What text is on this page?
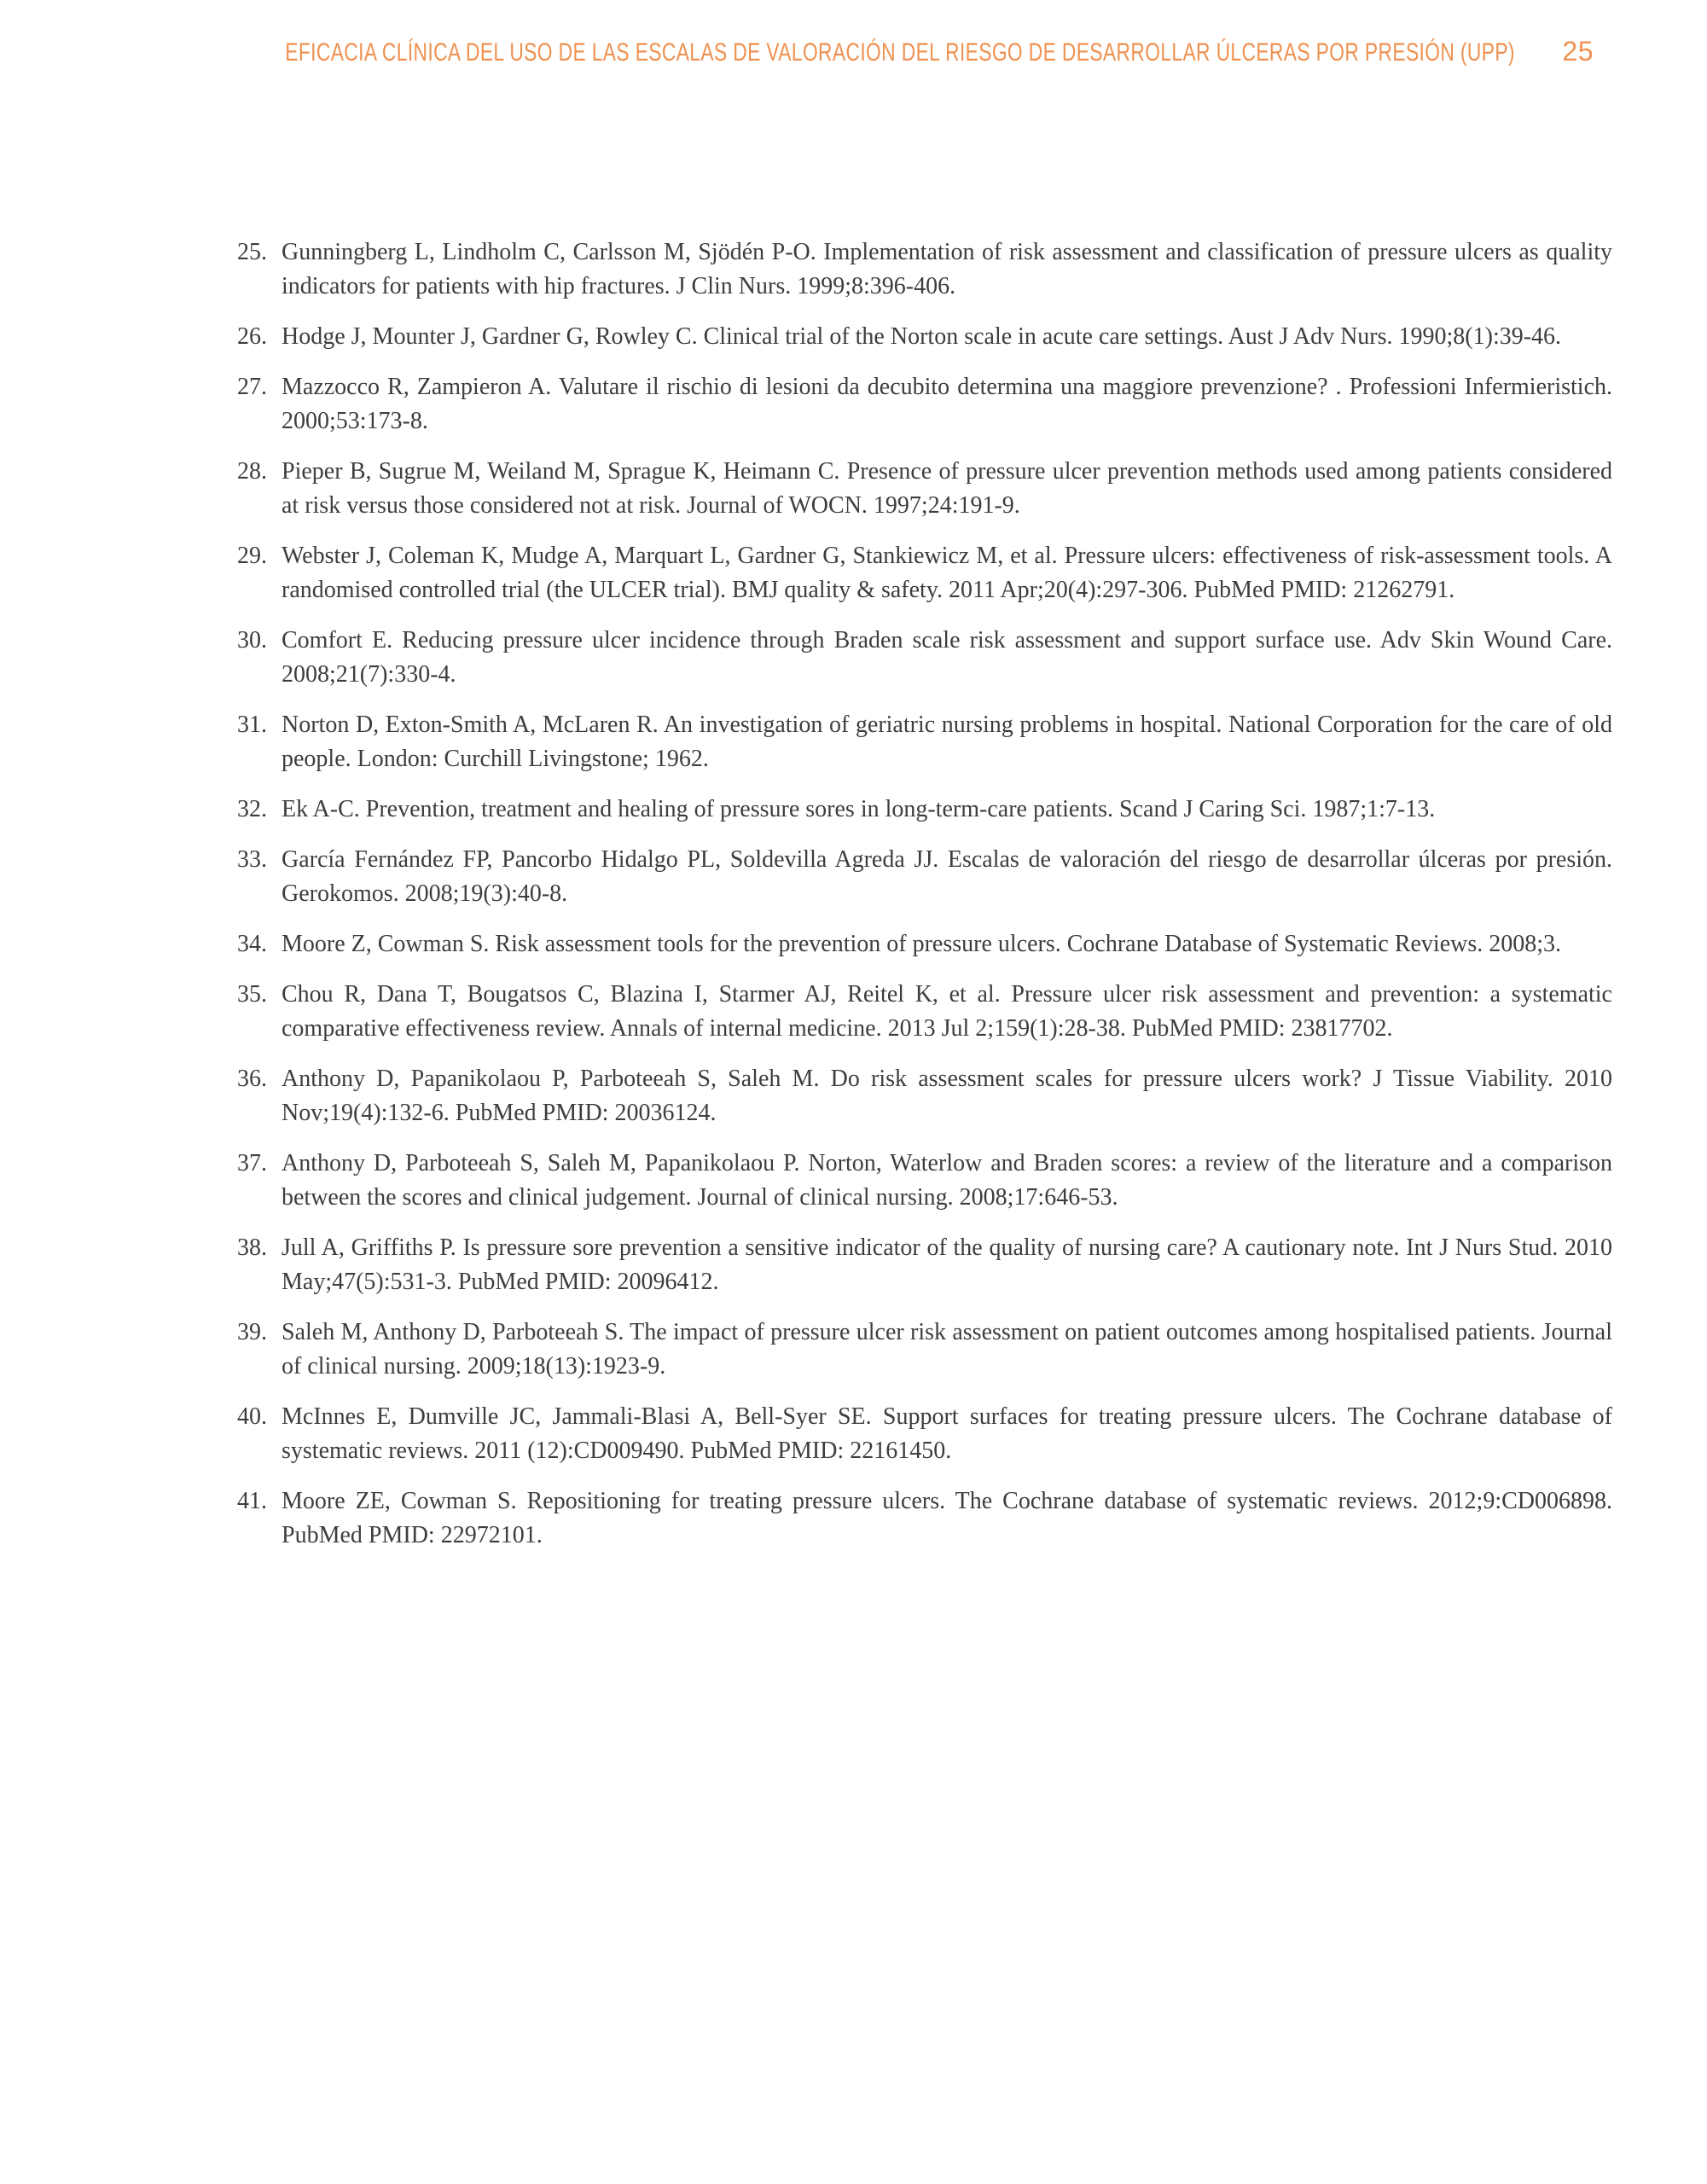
EFICACIA CLÍNICA DEL USO DE LAS ESCALAS DE VALORACIÓN DEL RIESGO DE DESARROLLAR ÚLCERAS POR PRESIÓN (UPP) 25
25. Gunningberg L, Lindholm C, Carlsson M, Sjödén P-O. Implementation of risk assessment and classification of pressure ulcers as quality indicators for patients with hip fractures. J Clin Nurs. 1999;8:396-406.
26. Hodge J, Mounter J, Gardner G, Rowley C. Clinical trial of the Norton scale in acute care settings. Aust J Adv Nurs. 1990;8(1):39-46.
27. Mazzocco R, Zampieron A. Valutare il rischio di lesioni da decubito determina una maggiore prevenzione? . Professioni Infermieristich. 2000;53:173-8.
28. Pieper B, Sugrue M, Weiland M, Sprague K, Heimann C. Presence of pressure ulcer prevention methods used among patients considered at risk versus those considered not at risk. Journal of WOCN. 1997;24:191-9.
29. Webster J, Coleman K, Mudge A, Marquart L, Gardner G, Stankiewicz M, et al. Pressure ulcers: effectiveness of risk-assessment tools. A randomised controlled trial (the ULCER trial). BMJ quality & safety. 2011 Apr;20(4):297-306. PubMed PMID: 21262791.
30. Comfort E. Reducing pressure ulcer incidence through Braden scale risk assessment and support surface use. Adv Skin Wound Care. 2008;21(7):330-4.
31. Norton D, Exton-Smith A, McLaren R. An investigation of geriatric nursing problems in hospital. National Corporation for the care of old people. London: Curchill Livingstone; 1962.
32. Ek A-C. Prevention, treatment and healing of pressure sores in long-term-care patients. Scand J Caring Sci. 1987;1:7-13.
33. García Fernández FP, Pancorbo Hidalgo PL, Soldevilla Agreda JJ. Escalas de valoración del riesgo de desarrollar úlceras por presión. Gerokomos. 2008;19(3):40-8.
34. Moore Z, Cowman S. Risk assessment tools for the prevention of pressure ulcers. Cochrane Database of Systematic Reviews. 2008;3.
35. Chou R, Dana T, Bougatsos C, Blazina I, Starmer AJ, Reitel K, et al. Pressure ulcer risk assessment and prevention: a systematic comparative effectiveness review. Annals of internal medicine. 2013 Jul 2;159(1):28-38. PubMed PMID: 23817702.
36. Anthony D, Papanikolaou P, Parboteeah S, Saleh M. Do risk assessment scales for pressure ulcers work? J Tissue Viability. 2010 Nov;19(4):132-6. PubMed PMID: 20036124.
37. Anthony D, Parboteeah S, Saleh M, Papanikolaou P. Norton, Waterlow and Braden scores: a review of the literature and a comparison between the scores and clinical judgement. Journal of clinical nursing. 2008;17:646-53.
38. Jull A, Griffiths P. Is pressure sore prevention a sensitive indicator of the quality of nursing care? A cautionary note. Int J Nurs Stud. 2010 May;47(5):531-3. PubMed PMID: 20096412.
39. Saleh M, Anthony D, Parboteeah S. The impact of pressure ulcer risk assessment on patient outcomes among hospitalised patients. Journal of clinical nursing. 2009;18(13):1923-9.
40. McInnes E, Dumville JC, Jammali-Blasi A, Bell-Syer SE. Support surfaces for treating pressure ulcers. The Cochrane database of systematic reviews. 2011 (12):CD009490. PubMed PMID: 22161450.
41. Moore ZE, Cowman S. Repositioning for treating pressure ulcers. The Cochrane database of systematic reviews. 2012;9:CD006898. PubMed PMID: 22972101.
